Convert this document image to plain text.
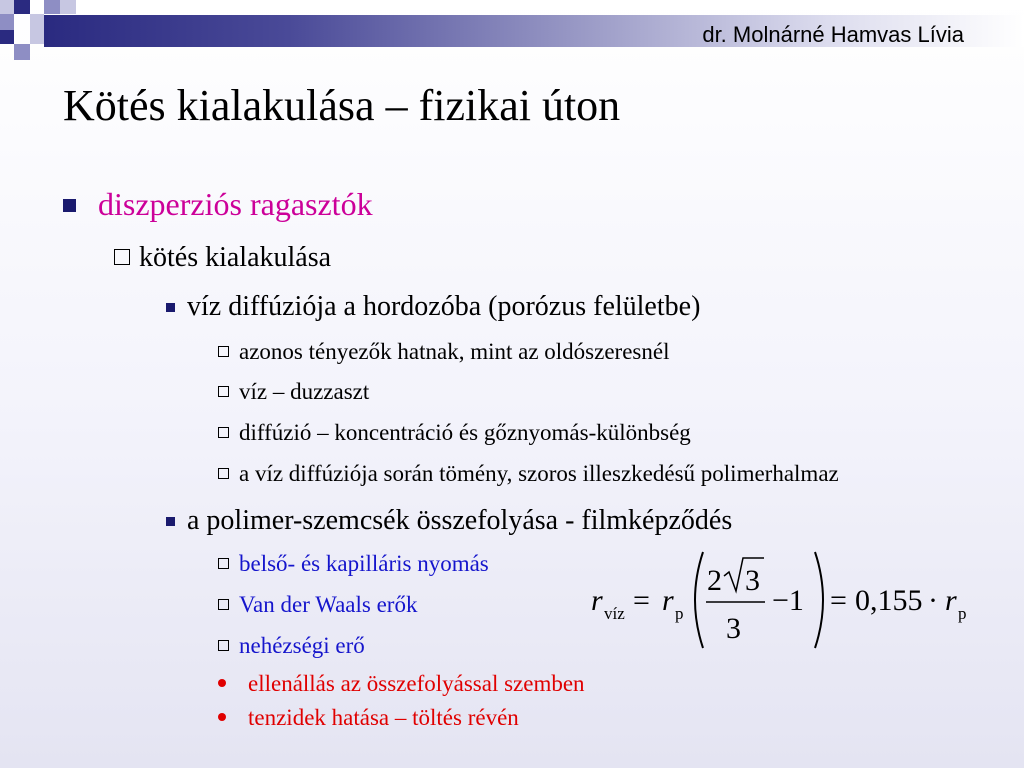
dr. Molnárné Hamvas Lívia
Kötés kialakulása – fizikai úton
diszperziós ragasztók
kötés kialakulása
víz diffúziója a hordozóba (porózus felületbe)
azonos tényezők hatnak, mint az oldószeresnél
víz – duzzaszt
diffúzió – koncentráció és gőznyomás-különbség
a víz diffúziója során tömény, szoros illeszkedésű polimerhalmaz
a polimer-szemcsék összefolyása - filmképződés
belső- és kapilláris nyomás
Van der Waals erők
nehézségi erő
ellenállás az összefolyással szemben
tenzidek hatása – töltés révén
r víz = r p
2 3
3
−1 = 0,155 · r p
